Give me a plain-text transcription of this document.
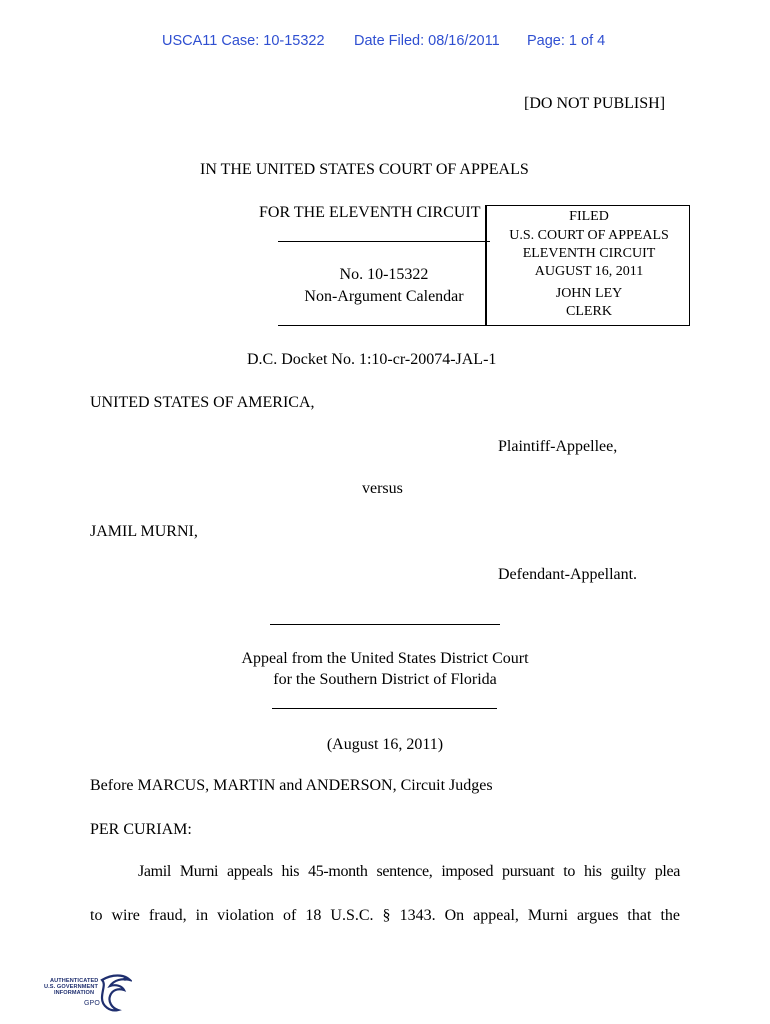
USCA11 Case: 10-15322 Date Filed: 08/16/2011 Page: 1 of 4
[DO NOT PUBLISH]
IN THE UNITED STATES COURT OF APPEALS
FOR THE ELEVENTH CIRCUIT
No. 10-15322
Non-Argument Calendar
FILED
U.S. COURT OF APPEALS
ELEVENTH CIRCUIT
AUGUST 16, 2011
JOHN LEY
CLERK
D.C. Docket No. 1:10-cr-20074-JAL-1
UNITED STATES OF AMERICA,
Plaintiff-Appellee,
versus
JAMIL MURNI,
Defendant-Appellant.
Appeal from the United States District Court
for the Southern District of Florida
(August 16, 2011)
Before MARCUS, MARTIN and ANDERSON, Circuit Judges
PER CURIAM:
Jamil Murni appeals his 45-month sentence, imposed pursuant to his guilty plea
to wire fraud, in violation of 18 U.S.C. § 1343. On appeal, Murni argues that the
AUTHENTICATED
U.S. GOVERNMENT
INFORMATION
GPO
